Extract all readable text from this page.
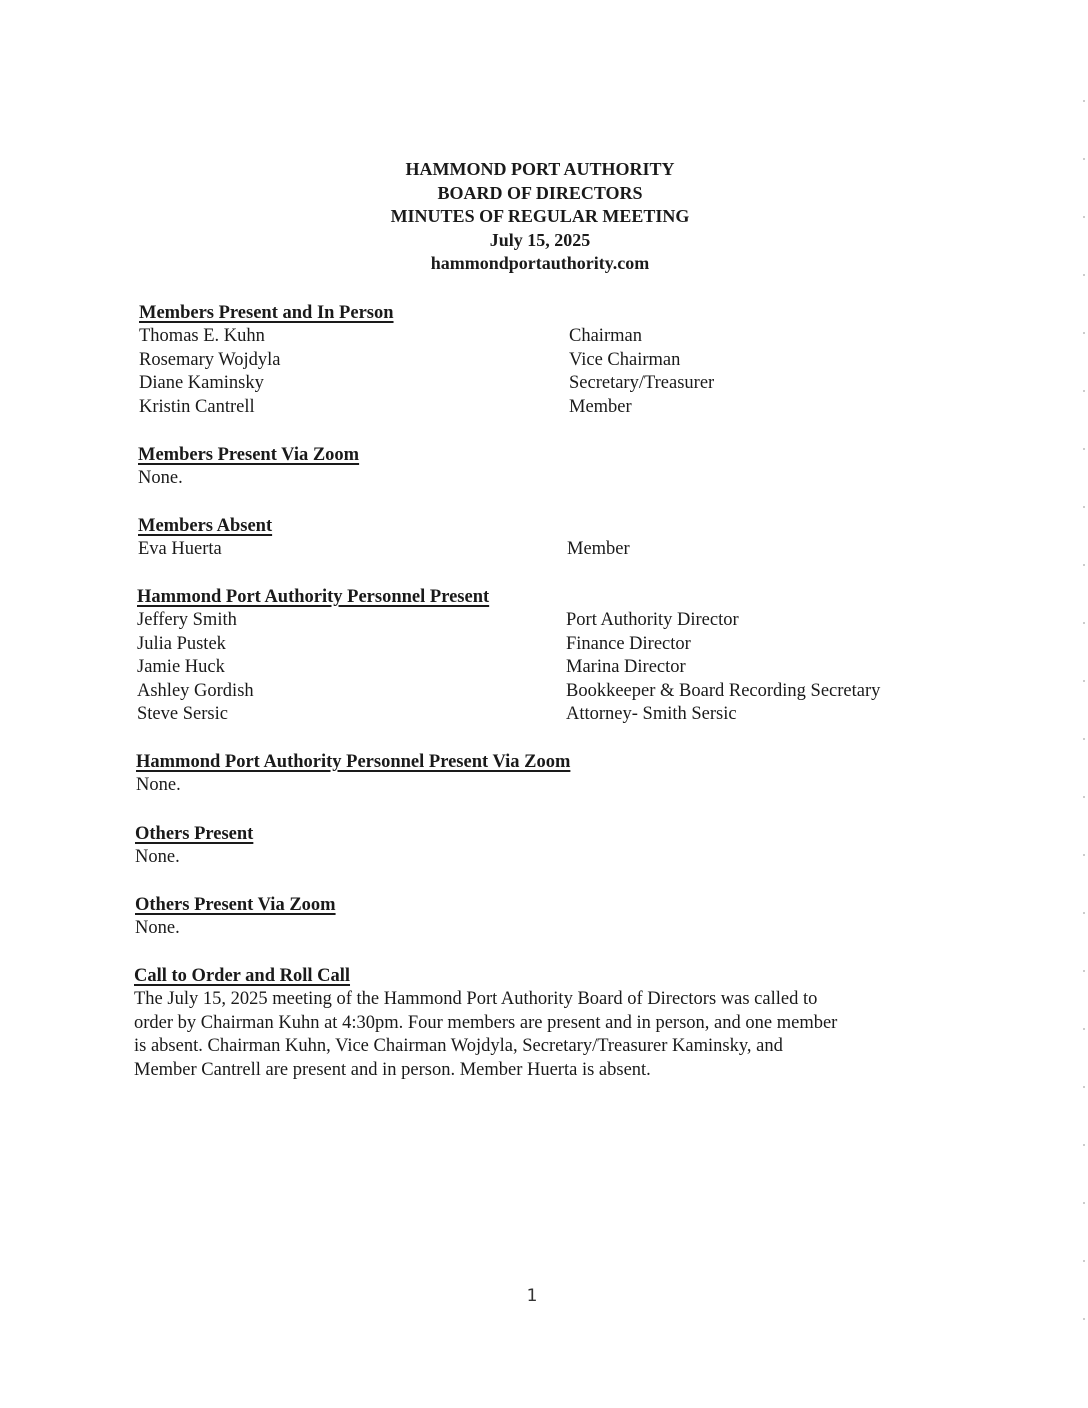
HAMMOND PORT AUTHORITY
BOARD OF DIRECTORS
MINUTES OF REGULAR MEETING
July 15, 2025
hammondportauthority.com
Members Present and In Person
Thomas E. Kuhn	Chairman
Rosemary Wojdyla	Vice Chairman
Diane Kaminsky	Secretary/Treasurer
Kristin Cantrell	Member
Members Present Via Zoom
None.
Members Absent
Eva Huerta	Member
Hammond Port Authority Personnel Present
Jeffery Smith	Port Authority Director
Julia Pustek	Finance Director
Jamie Huck	Marina Director
Ashley Gordish	Bookkeeper & Board Recording Secretary
Steve Sersic	Attorney- Smith Sersic
Hammond Port Authority Personnel Present Via Zoom
None.
Others Present
None.
Others Present Via Zoom
None.
Call to Order and Roll Call
The July 15, 2025 meeting of the Hammond Port Authority Board of Directors was called to
order by Chairman Kuhn at 4:30pm. Four members are present and in person, and one member
is absent. Chairman Kuhn, Vice Chairman Wojdyla, Secretary/Treasurer Kaminsky, and
Member Cantrell are present and in person. Member Huerta is absent.
1
